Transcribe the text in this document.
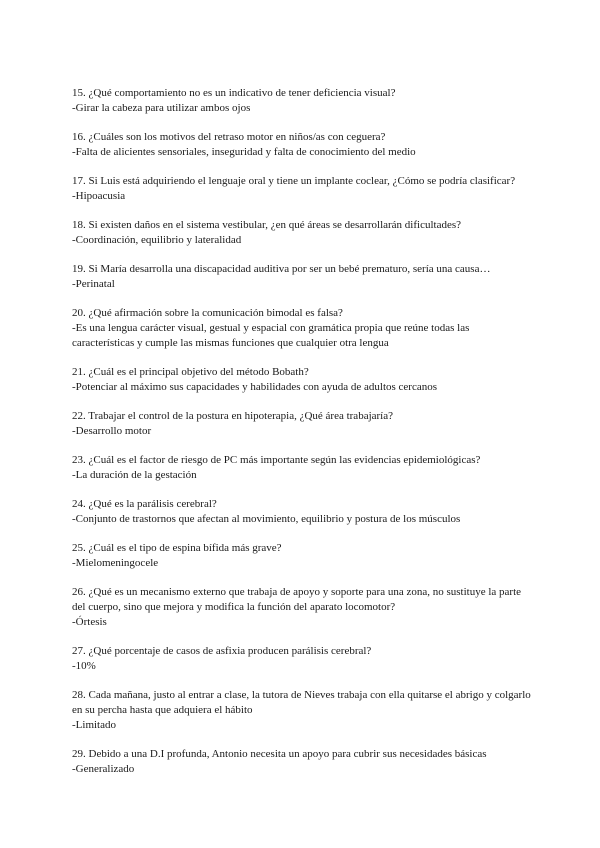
15. ¿Qué comportamiento no es un indicativo de tener deficiencia visual?
-Girar la cabeza para utilizar ambos ojos
16. ¿Cuáles son los motivos del retraso motor en niños/as con ceguera?
-Falta de alicientes sensoriales, inseguridad y falta de conocimiento del medio
17. Si Luis está adquiriendo el lenguaje oral y tiene un implante coclear, ¿Cómo se podría clasificar?
-Hipoacusia
18. Si existen daños en el sistema vestibular, ¿en qué áreas se desarrollarán dificultades?
-Coordinación, equilibrio y lateralidad
19. Si María desarrolla una discapacidad auditiva por ser un bebé prematuro, sería una causa…
-Perinatal
20. ¿Qué afirmación sobre la comunicación bimodal es falsa?
-Es una lengua carácter visual, gestual y espacial con gramática propia que reúne todas las características y cumple las mismas funciones que cualquier otra lengua
21. ¿Cuál es el principal objetivo del método Bobath?
-Potenciar al máximo sus capacidades y habilidades con ayuda de adultos cercanos
22. Trabajar el control de la postura en hipoterapia, ¿Qué área trabajaría?
-Desarrollo motor
23. ¿Cuál es el factor de riesgo de PC más importante según las evidencias epidemiológicas?
-La duración de la gestación
24. ¿Qué es la parálisis cerebral?
-Conjunto de trastornos que afectan al movimiento, equilibrio y postura de los músculos
25. ¿Cuál es el tipo de espina bífida más grave?
-Mielomeningocele
26. ¿Qué es un mecanismo externo que trabaja de apoyo y soporte para una zona, no sustituye la parte del cuerpo, sino que mejora y modifica la función del aparato locomotor?
-Órtesis
27. ¿Qué porcentaje de casos de asfixia producen parálisis cerebral?
-10%
28. Cada mañana, justo al entrar a clase, la tutora de Nieves trabaja con ella quitarse el abrigo y colgarlo en su percha hasta que adquiera el hábito
-Limitado
29. Debido a una D.I profunda, Antonio necesita un apoyo para cubrir sus necesidades básicas
-Generalizado
